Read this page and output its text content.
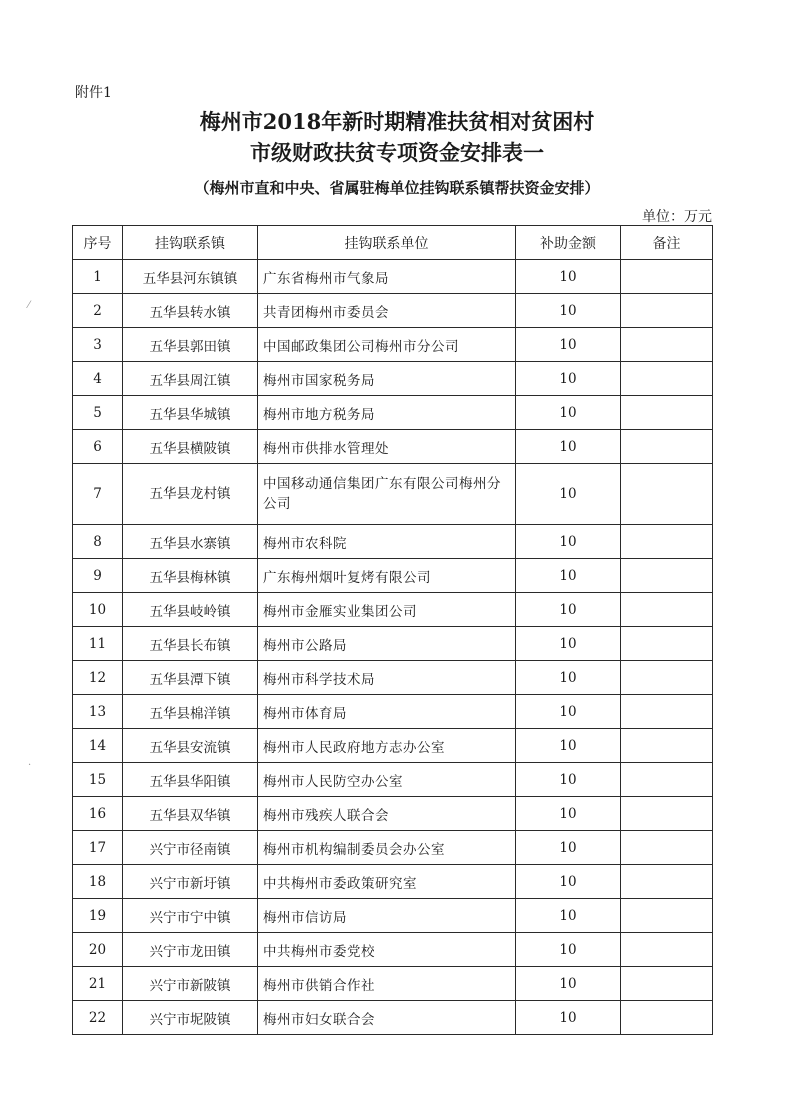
附件1
梅州市2018年新时期精准扶贫相对贫困村
市级财政扶贫专项资金安排表一
（梅州市直和中央、省属驻梅单位挂钩联系镇帮扶资金安排）
单位：万元
序号	挂钩联系镇	挂钩联系单位	补助金额	备注
1	五华县河东镇镇	广东省梅州市气象局	10	
2	五华县转水镇	共青团梅州市委员会	10	
3	五华县郭田镇	中国邮政集团公司梅州市分公司	10	
4	五华县周江镇	梅州市国家税务局	10	
5	五华县华城镇	梅州市地方税务局	10	
6	五华县横陂镇	梅州市供排水管理处	10	
7	五华县龙村镇	中国移动通信集团广东有限公司梅州分公司	10	
8	五华县水寨镇	梅州市农科院	10	
9	五华县梅林镇	广东梅州烟叶复烤有限公司	10	
10	五华县岐岭镇	梅州市金雁实业集团公司	10	
11	五华县长布镇	梅州市公路局	10	
12	五华县潭下镇	梅州市科学技术局	10	
13	五华县棉洋镇	梅州市体育局	10	
14	五华县安流镇	梅州市人民政府地方志办公室	10	
15	五华县华阳镇	梅州市人民防空办公室	10	
16	五华县双华镇	梅州市残疾人联合会	10	
17	兴宁市径南镇	梅州市机构编制委员会办公室	10	
18	兴宁市新圩镇	中共梅州市委政策研究室	10	
19	兴宁市宁中镇	梅州市信访局	10	
20	兴宁市龙田镇	中共梅州市委党校	10	
21	兴宁市新陂镇	梅州市供销合作社	10	
22	兴宁市坭陂镇	梅州市妇女联合会	10	
⁄
·
